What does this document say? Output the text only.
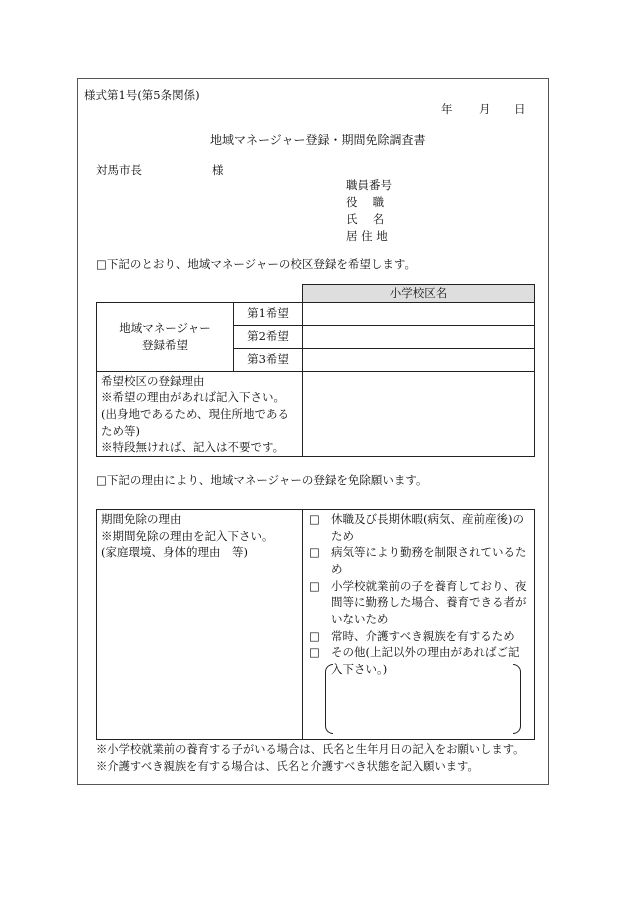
様式第1号(第5条関係)
年 月 日
地域マネージャー登録・期間免除調査書
対馬市長	様
職員番号
役　 職
氏　 名
居 住 地
□下記のとおり、地域マネージャーの校区登録を希望します。
		小学校区名

地域マネージャー
登録希望	第1希望	
	第2希望	
	第3希望	

希望校区の登録理由
※希望の理由があれば記入下さい。
(出身地であるため、現住所地である
ため等)
※特段無ければ、記入は不要です。		

□下記の理由により、地域マネージャーの登録を免除願います。
期間免除の理由
※期間免除の理由を記入下さい。
(家庭環境、身体的理由　等)

□ 休職及び長期休暇(病気、産前産後)のため
□ 病気等により勤務を制限されているため
□ 小学校就業前の子を養育しており、夜間等に勤務した場合、養育できる者がいないため
□ 常時、介護すべき親族を有するため
□ その他(上記以外の理由があればご記入下さい。)
※小学校就業前の養育する子がいる場合は、氏名と生年月日の記入をお願いします。
※介護すべき親族を有する場合は、氏名と介護すべき状態を記入願います。
